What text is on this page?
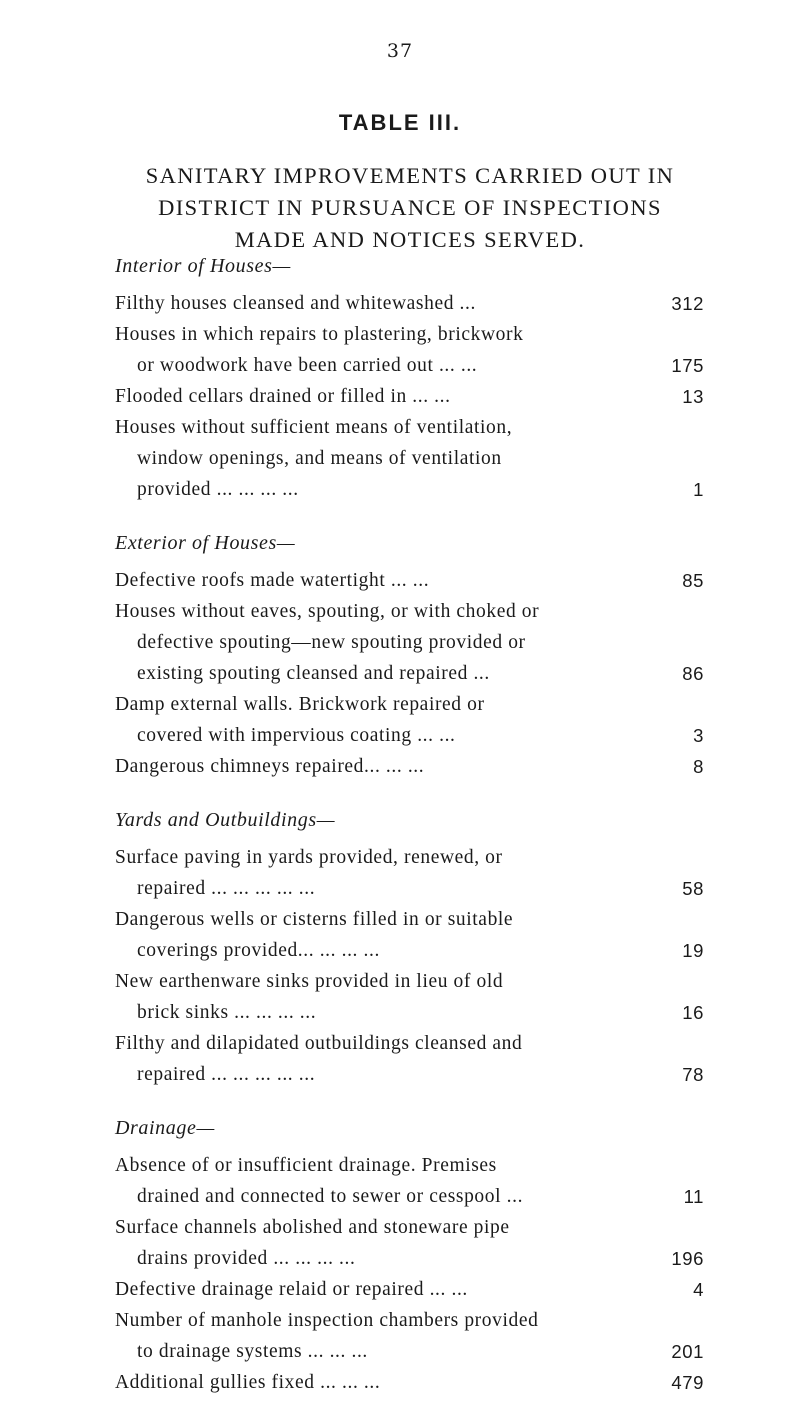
37
TABLE III.
SANITARY IMPROVEMENTS CARRIED OUT IN
DISTRICT IN PURSUANCE OF INSPECTIONS
MADE AND NOTICES SERVED.
Interior of Houses—
Filthy houses cleansed and whitewashed ...	312
Houses in which repairs to plastering, brickwork
or woodwork have been carried out ... ...	175
Flooded cellars drained or filled in ... ...	13
Houses without sufficient means of ventilation,
window openings, and means of ventilation
provided ... ... ... ...	1
Exterior of Houses—
Defective roofs made watertight ... ...	85
Houses without eaves, spouting, or with choked or
defective spouting—new spouting provided or
existing spouting cleansed and repaired ...	86
Damp external walls. Brickwork repaired or
covered with impervious coating ... ...	3
Dangerous chimneys repaired... ... ...	8
Yards and Outbuildings—
Surface paving in yards provided, renewed, or
repaired ... ... ... ... ...	58
Dangerous wells or cisterns filled in or suitable
coverings provided... ... ... ...	19
New earthenware sinks provided in lieu of old
brick sinks ... ... ... ...	16
Filthy and dilapidated outbuildings cleansed and
repaired ... ... ... ... ...	78
Drainage—
Absence of or insufficient drainage. Premises
drained and connected to sewer or cesspool ...	11
Surface channels abolished and stoneware pipe
drains provided ... ... ... ...	196
Defective drainage relaid or repaired ... ...	4
Number of manhole inspection chambers provided
to drainage systems ... ... ...	201
Additional gullies fixed ... ... ...	479
